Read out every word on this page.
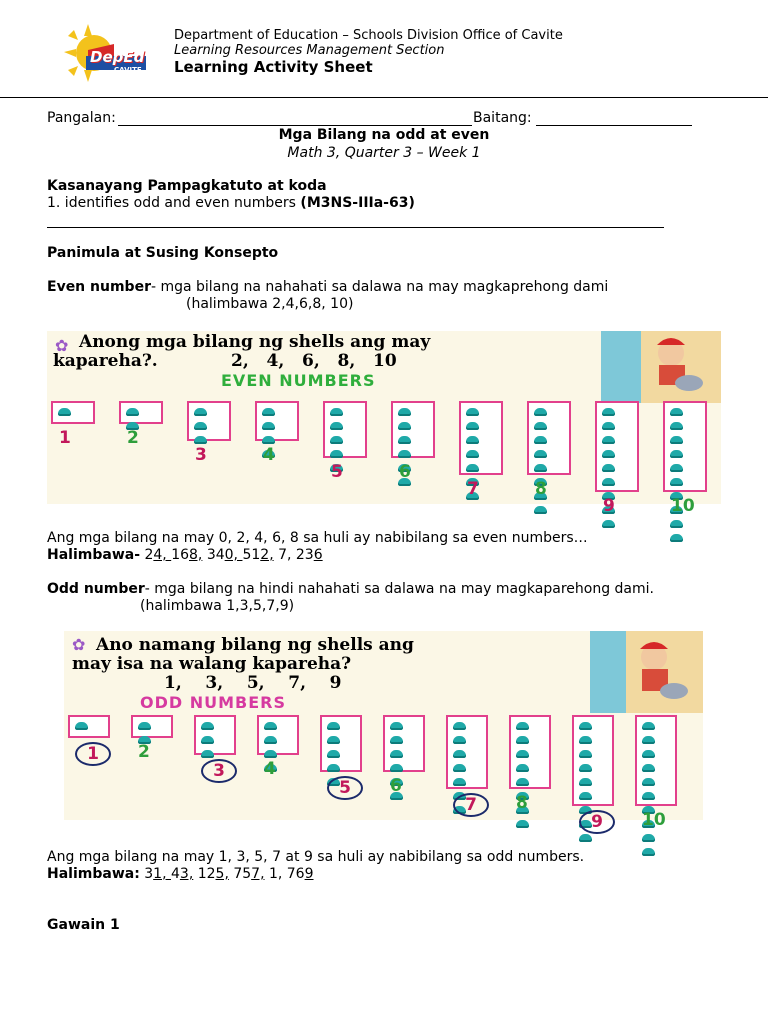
DepEd
CAVITE
Department of Education – Schools Division Office of Cavite
Learning Resources Management Section
Learning Activity Sheet
Pangalan:	Baitang:
Mga Bilang na odd at even
Math 3, Quarter 3 – Week 1
Kasanayang Pampagkatuto at koda
1. identifies odd and even numbers (M3NS-IIIa-63)
Panimula at Susing Konsepto
Even number- mga bilang na nahahati sa dalawa na may magkaprehong dami
(halimbawa 2,4,6,8, 10)
✿ Anong mga bilang ng shells ang may
kapareha?.	2,   4,   6,   8,   10
EVEN NUMBERS
1	2
3	4
5	6
7	8
9	10
Ang mga bilang na may 0, 2, 4, 6, 8 sa huli ay nabibilang sa even numbers…
Halimbawa- 24, 168, 340, 512, 7, 236
Odd number- mga bilang na hindi nahahati sa dalawa na may magkaparehong dami.
(halimbawa 1,3,5,7,9)
✿ Ano namang bilang ng shells ang
may isa na walang kapareha?
1,    3,    5,    7,    9
ODD NUMBERS
1	2
3	4
5	6
7	8
9	10
Ang mga bilang na may 1, 3, 5, 7 at 9 sa huli ay nabibilang sa odd numbers.
Halimbawa: 31, 43, 125, 757, 1, 769
Gawain 1
